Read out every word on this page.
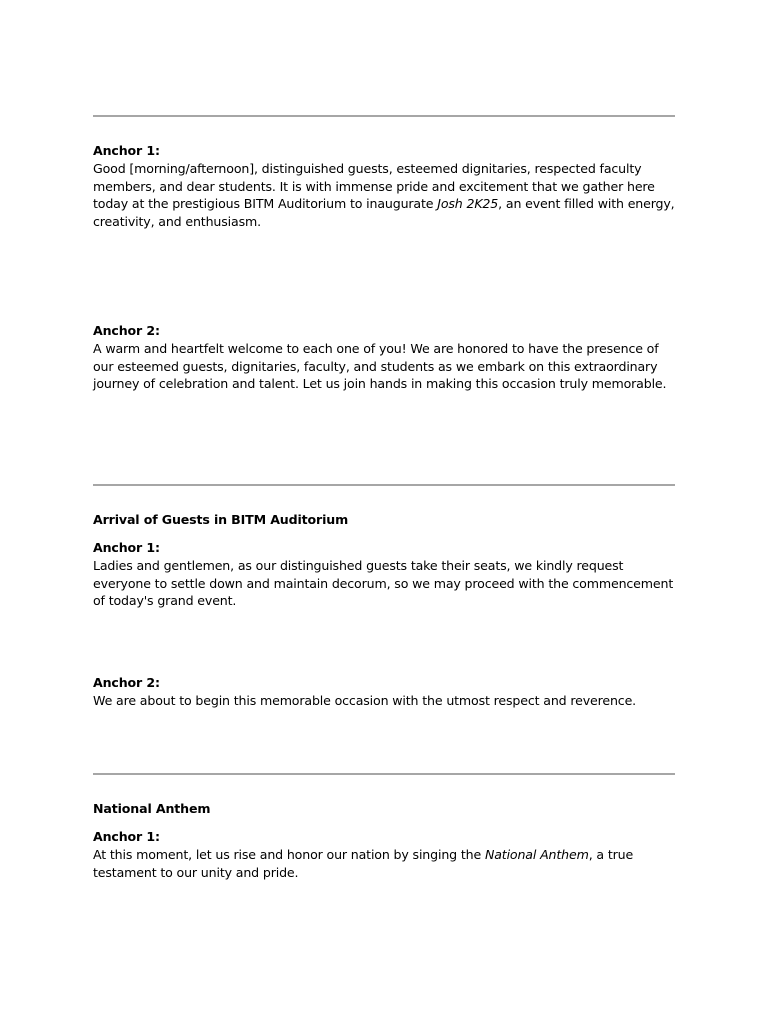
Anchor 1:
Good [morning/afternoon], distinguished guests, esteemed dignitaries, respected faculty members, and dear students. It is with immense pride and excitement that we gather here today at the prestigious BITM Auditorium to inaugurate Josh 2K25, an event filled with energy, creativity, and enthusiasm.
Anchor 2:
A warm and heartfelt welcome to each one of you! We are honored to have the presence of our esteemed guests, dignitaries, faculty, and students as we embark on this extraordinary journey of celebration and talent. Let us join hands in making this occasion truly memorable.
Arrival of Guests in BITM Auditorium
Anchor 1:
Ladies and gentlemen, as our distinguished guests take their seats, we kindly request everyone to settle down and maintain decorum, so we may proceed with the commencement of today's grand event.
Anchor 2:
We are about to begin this memorable occasion with the utmost respect and reverence.
National Anthem
Anchor 1:
At this moment, let us rise and honor our nation by singing the National Anthem, a true testament to our unity and pride.
